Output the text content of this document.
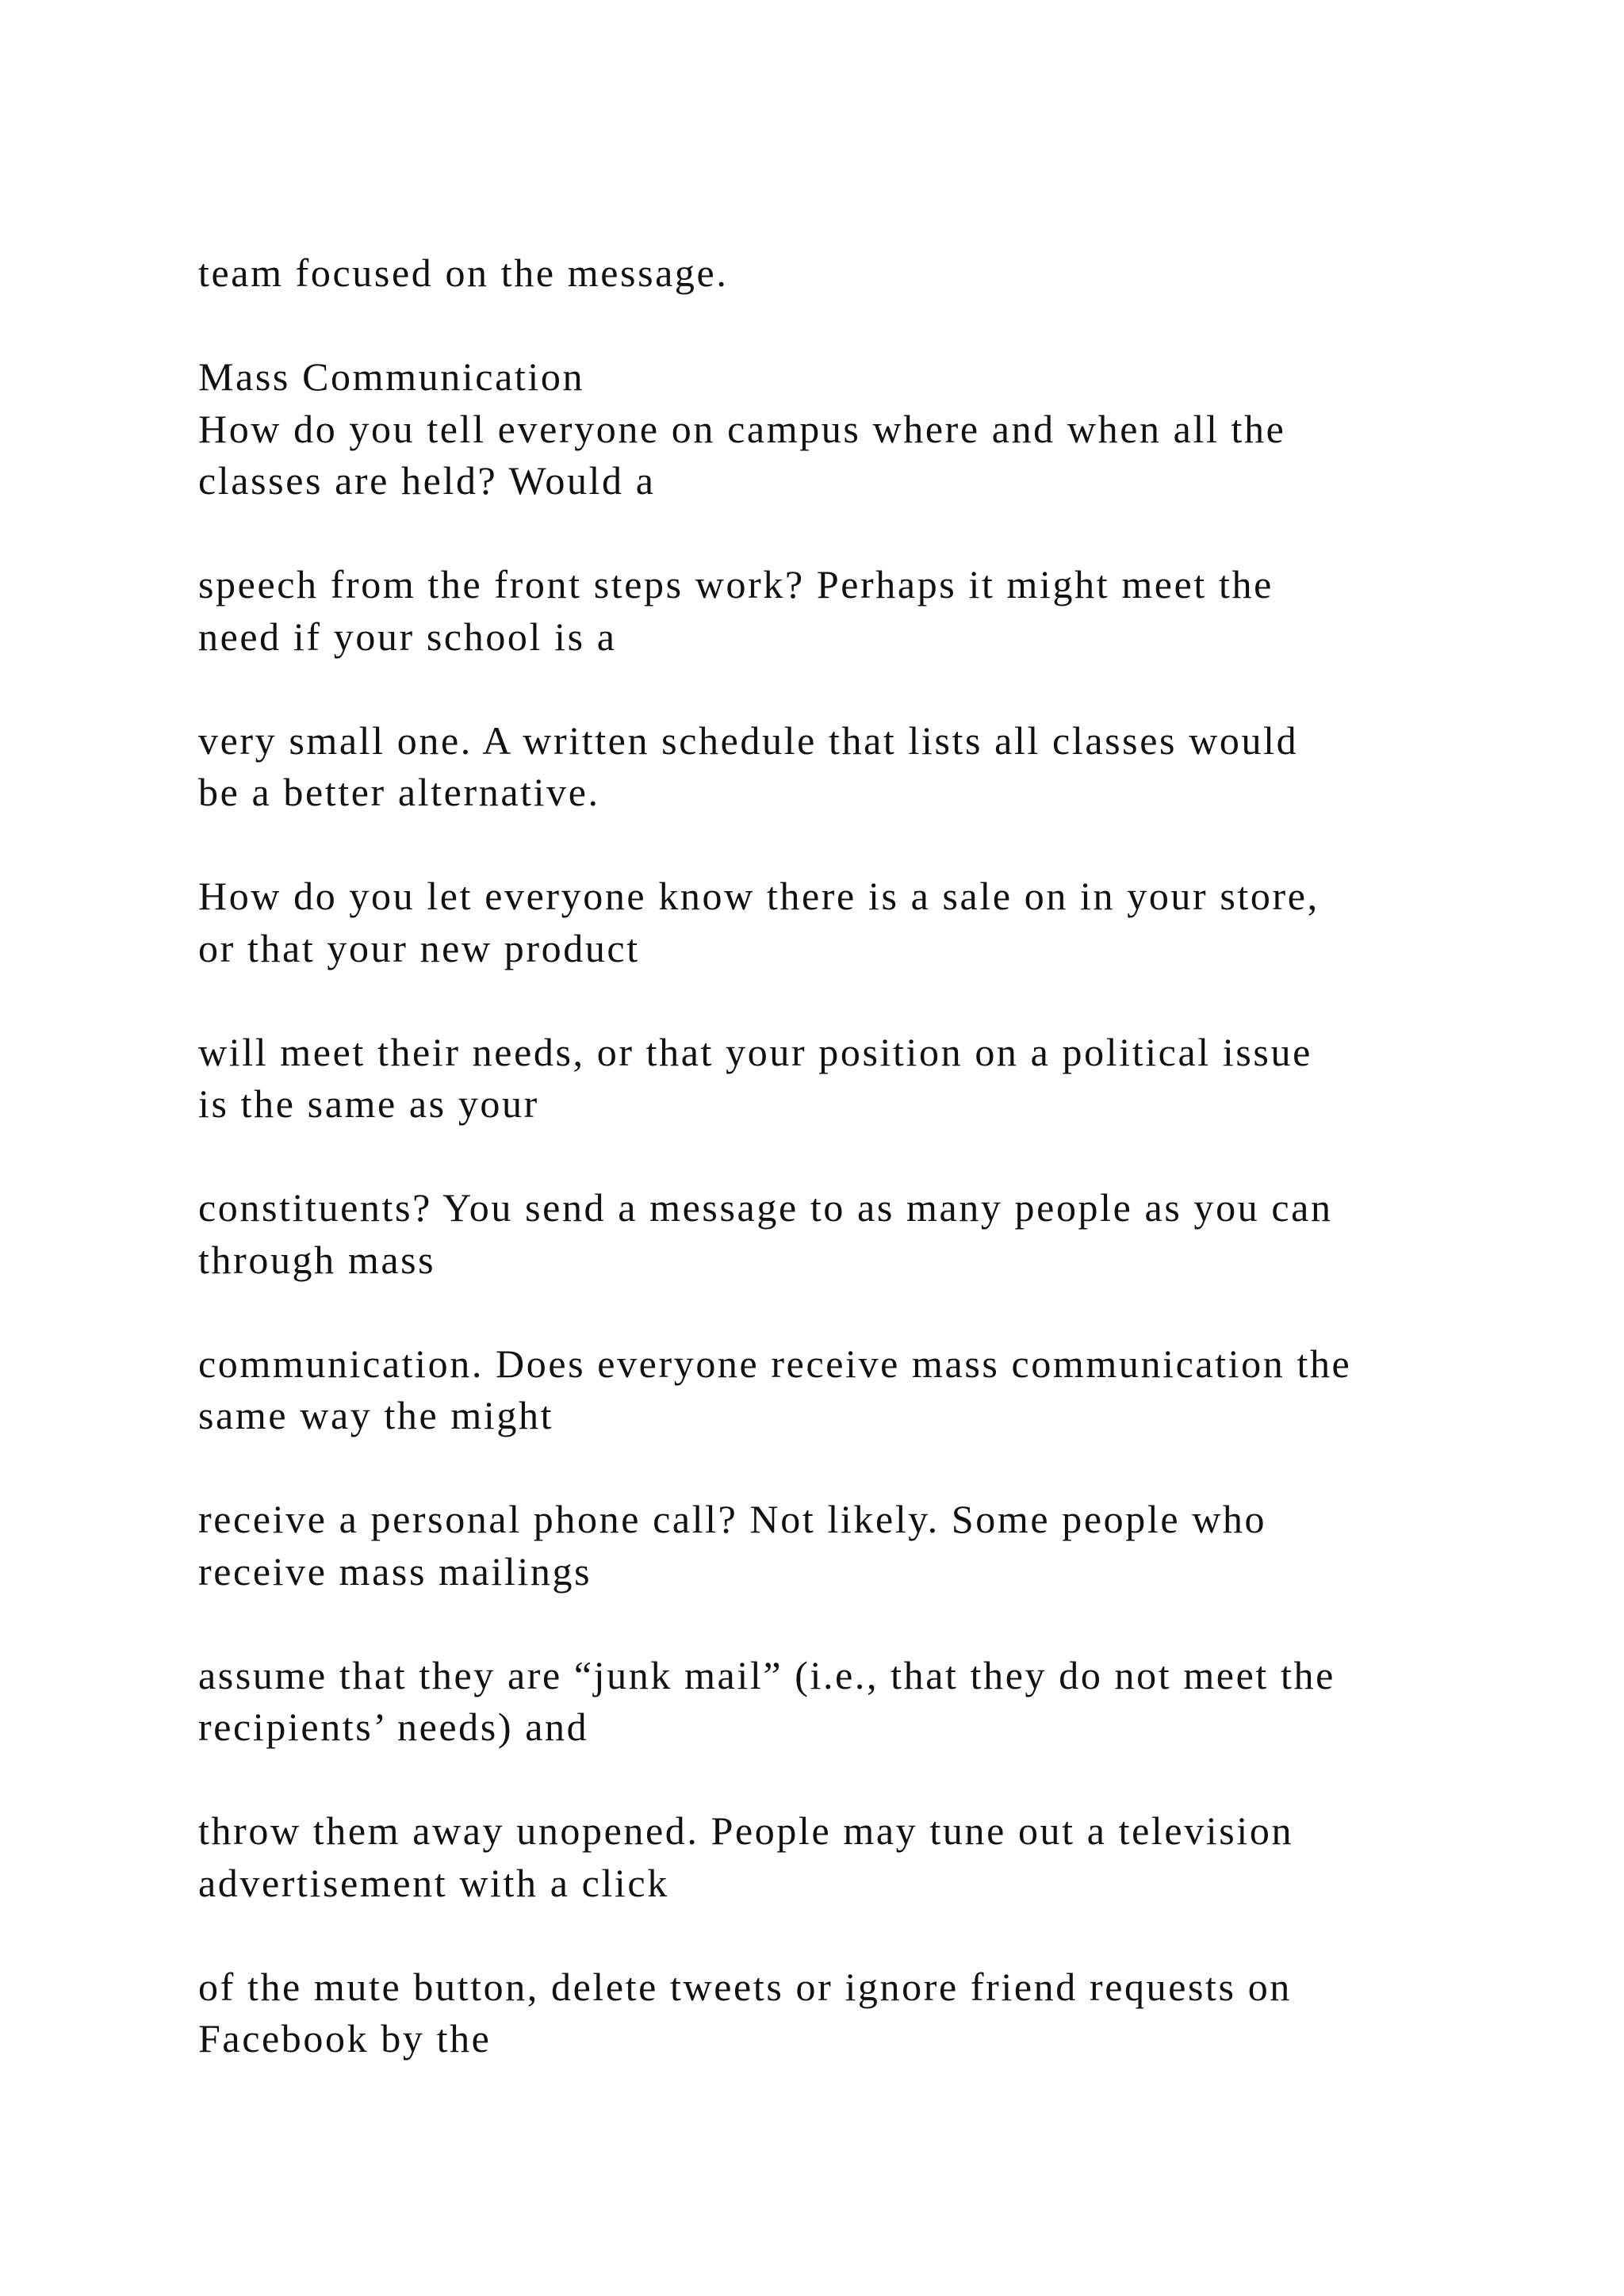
team focused on the message.
Mass Communication
How do you tell everyone on campus where and when all the
classes are held? Would a
speech from the front steps work? Perhaps it might meet the
need if your school is a
very small one. A written schedule that lists all classes would
be a better alternative.
How do you let everyone know there is a sale on in your store,
or that your new product
will meet their needs, or that your position on a political issue
is the same as your
constituents? You send a message to as many people as you can
through mass
communication. Does everyone receive mass communication the
same way the might
receive a personal phone call? Not likely. Some people who
receive mass mailings
assume that they are “junk mail” (i.e., that they do not meet the
recipients’ needs) and
throw them away unopened. People may tune out a television
advertisement with a click
of the mute button, delete tweets or ignore friend requests on
Facebook by the
